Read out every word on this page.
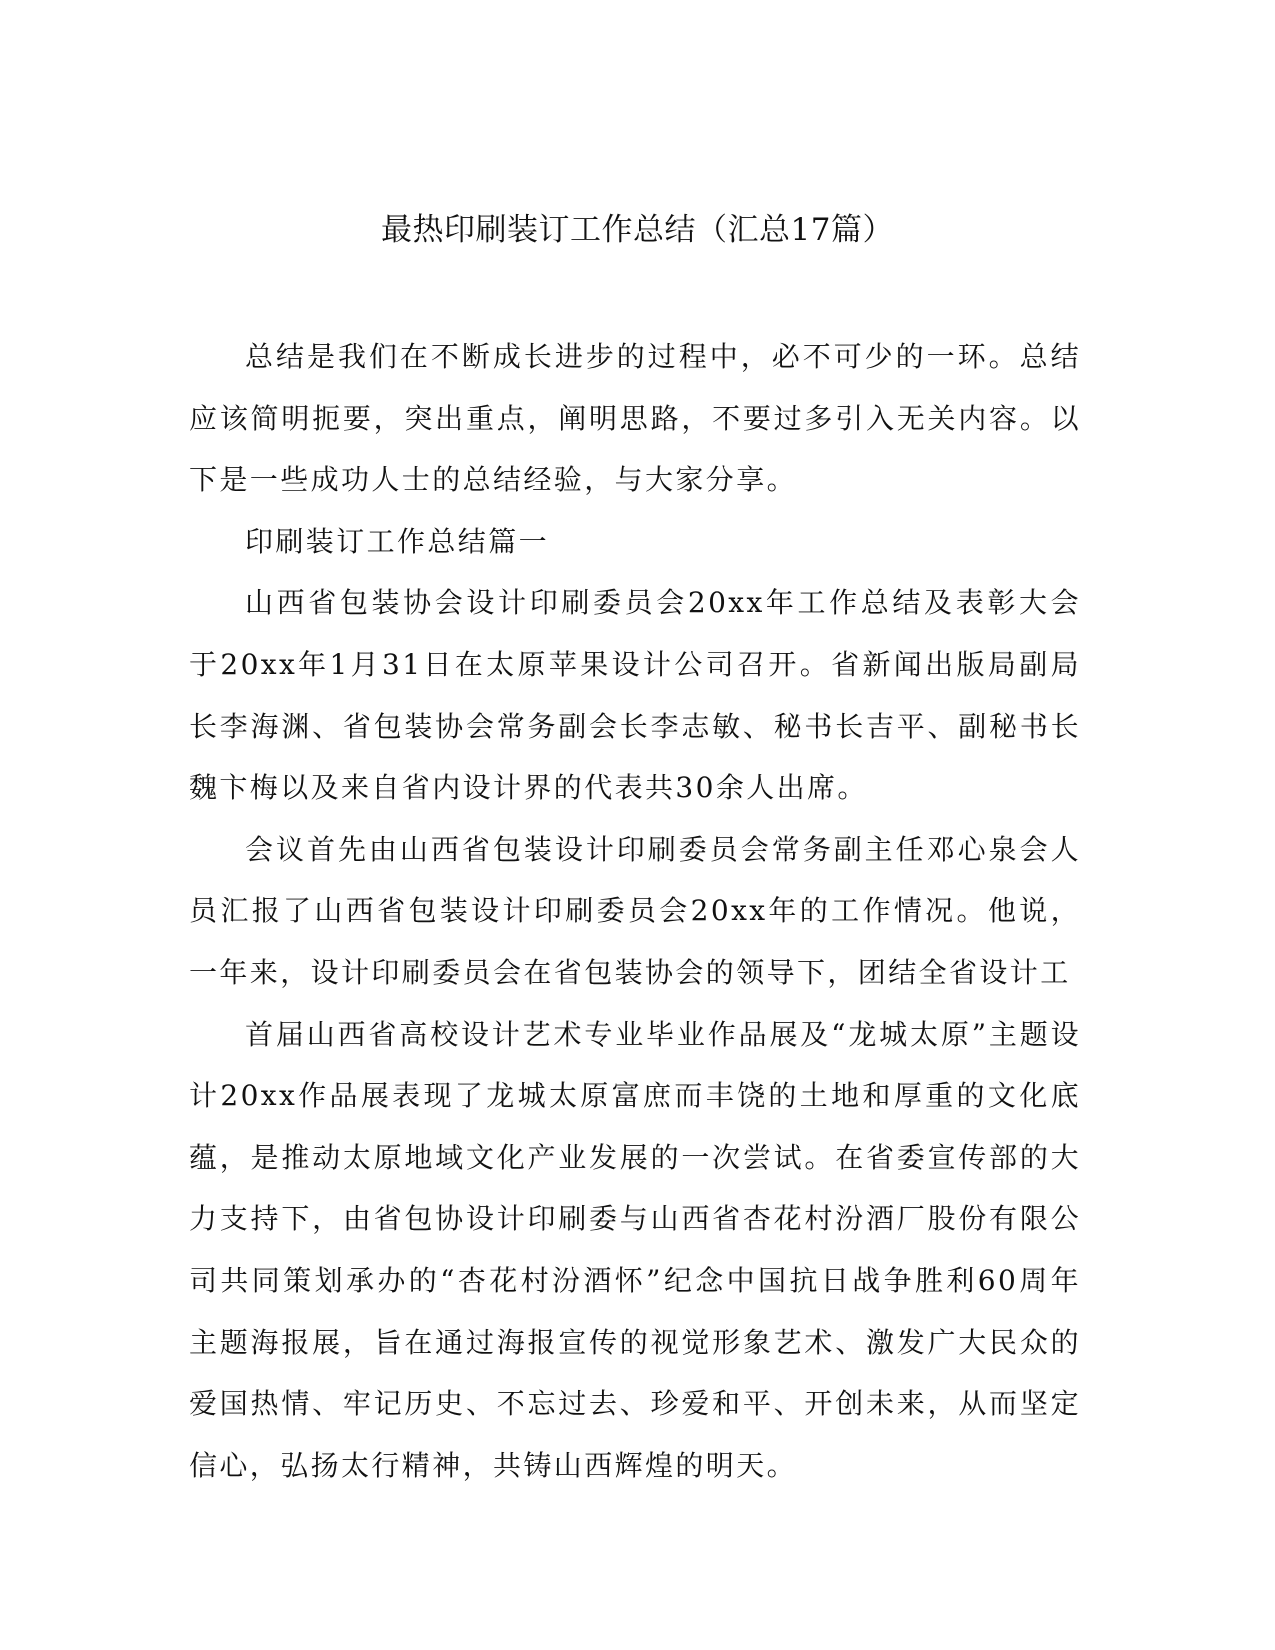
最热印刷装订工作总结（汇总17篇）

总结是我们在不断成长进步的过程中，必不可少的一环。总结应该简明扼要，突出重点，阐明思路，不要过多引入无关内容。以下是一些成功人士的总结经验，与大家分享。

印刷装订工作总结篇一

山西省包装协会设计印刷委员会20xx年工作总结及表彰大会于20xx年1月31日在太原苹果设计公司召开。省新闻出版局副局长李海渊、省包装协会常务副会长李志敏、秘书长吉平、副秘书长魏卞梅以及来自省内设计界的代表共30余人出席。

会议首先由山西省包装设计印刷委员会常务副主任邓心泉会人员汇报了山西省包装设计印刷委员会20xx年的工作情况。他说，一年来，设计印刷委员会在省包装协会的领导下，团结全省设计工

首届山西省高校设计艺术专业毕业作品展及“龙城太原”主题设计20xx作品展表现了龙城太原富庶而丰饶的土地和厚重的文化底蕴，是推动太原地域文化产业发展的一次尝试。在省委宣传部的大力支持下，由省包协设计印刷委与山西省杏花村汾酒厂股份有限公司共同策划承办的“杏花村汾酒怀”纪念中国抗日战争胜利60周年主题海报展，旨在通过海报宣传的视觉形象艺术、激发广大民众的爱国热情、牢记历史、不忘过去、珍爱和平、开创未来，从而坚定信心，弘扬太行精神，共铸山西辉煌的明天。
